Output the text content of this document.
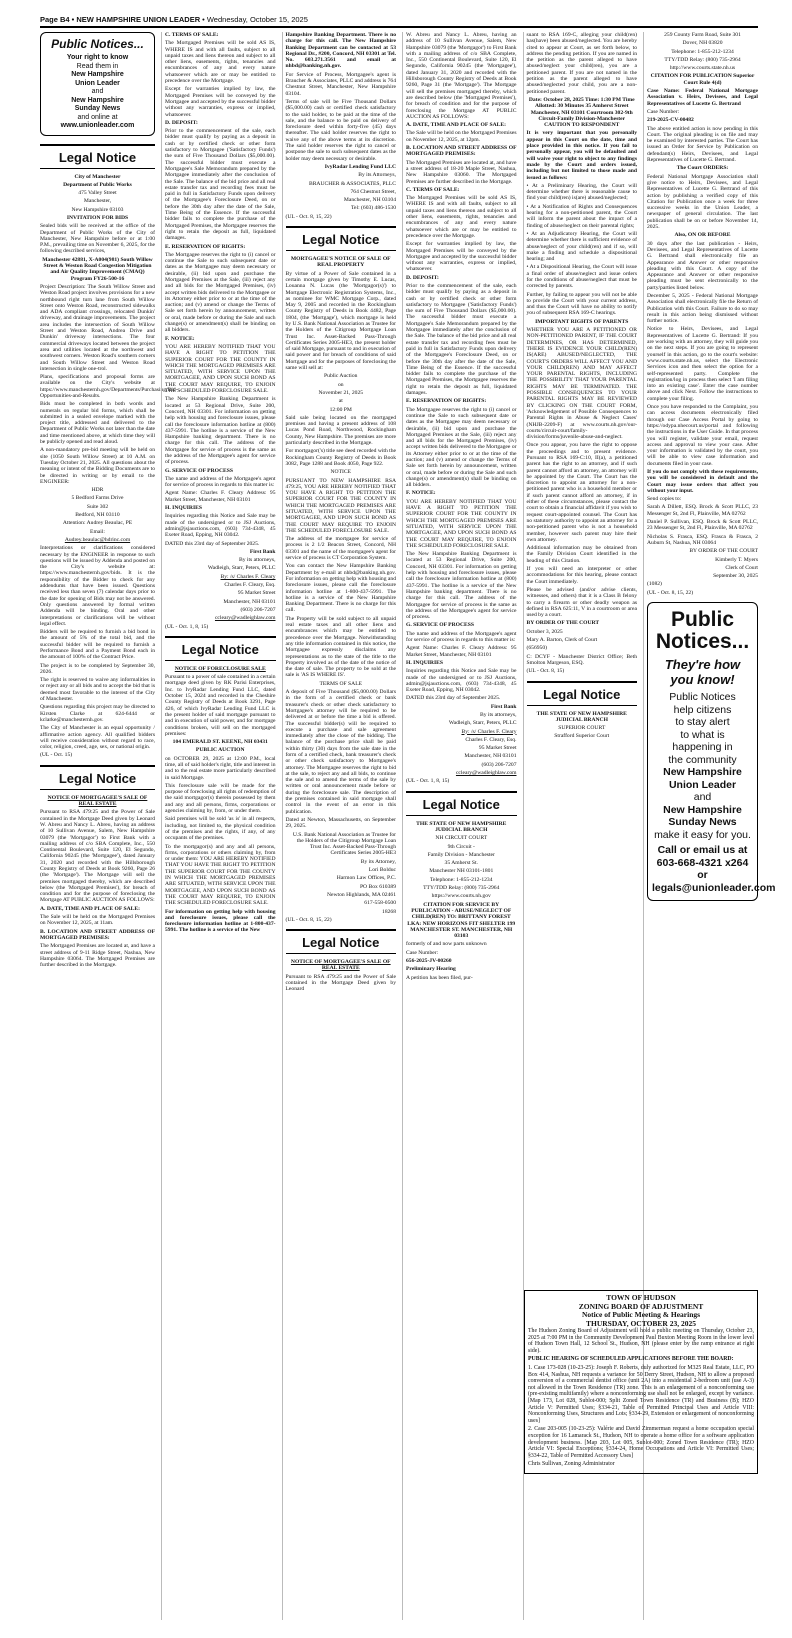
Page B4 • NEW HAMPSHIRE UNION LEADER • Wednesday, October 15, 2025
Public Notices...
Your right to know
Read them in
New Hampshire
Union Leader
and
New Hampshire
Sunday News
and online at
www.unionleader.com
Legal Notice
City of Manchester
Department of Public Works
475 Valley Street
Manchester,
New Hampshire 03103
INVITATION FOR BIDS
Sealed bids will be received at the office of the Department of Public Works of the City of Manchester, New Hampshire before or at 1:00 P.M., prevailing time on November 6, 2025, for the following described services,
Manchester 42881, X-A004(981) South Willow Street & Weston Road Congestion Mitigation and Air Quality Improvement (CMAQ) Program FY26-500-16
Project Description: The South Willow Street and Weston Road project involves provisions for a new northbound right turn lane from South Willow Street onto Weston Road, reconstructed sidewalks and ADA compliant crossings, relocated Dunkin' driveway, and drainage improvements. The project area includes the intersection of South Willow Street and Weston Road, Andrea Drive and Dunkin' driveway intersections. The four commercial driveways located between the project area and utilities located at the northwest and southwest corners. Weston Road's southern corners and South Willow Street and Weston Road intersection in single one-trol.
Plans, specifications and proposal forms are available on the City's website at https://www.manchesternh.gov/Departments/Purchasing/Bid-Opportunities-and-Results.
Bids must be completed in both words and numerals on regular bid forms, which shall be submitted in a sealed envelope marked with the project title, addressed and delivered to the Department of Public Works not later than the date and time mentioned above, at which time they will be publicly opened and read aloud.
A non-mandatory pre-bid meeting will be held on site (1050 South Willow Street) at 10 A.M. on Tuesday October 21, 2025. All questions about the meaning or intent of the Bidding Documents are to be directed in writing or by email to the ENGINEER:
HDR
5 Bedford Farms Drive
Suite 302
Bedford, NH 03110
Attention: Audrey Beaulac, PE
Email:
Audrey.beaulac@hdrinc.com
Interpretations or clarifications considered necessary by the ENGINEER in response to such questions will be issued by Addenda and posted on the City's website at: https://www.manchesternh.gov/bids. It is the responsibility of the Bidder to check for any addendums that have been issued. Questions received less than seven (7) calendar days prior to the date for opening of Bids may not be answered. Only questions answered by formal written Addenda will be binding. Oral and other interpretations or clarifications will be without legal effect.
Bidders will be required to furnish a bid bond in the amount of 5% of the total bid, and the successful bidder will be required to furnish a Performance Bond and a Payment Bond each in the amount of 100% of the Contract Price.
The project is to be completed by September 30, 2026.
The right is reserved to waive any informalities in or reject any or all bids and to accept the bid that is deemed most favorable to the interest of the City of Manchester.
Questions regarding this project may be directed to Kirsten Clarke at 624-6444 or kclarke@manchesternh.gov.
The City of Manchester is an equal opportunity / affirmative action agency. All qualified bidders will receive consideration without regard to race, color, religion, creed, age, sex, or national origin.
(UL - Oct. 15)
Legal Notice
NOTICE OF MORTGAGEE'S SALE OF REAL ESTATE
Pursuant to RSA 479:25 and the Power of Sale contained in the Mortgage Deed given by Leonard W. Abreu and Nancy L. Abreu, having an address of 10 Sullivan Avenue, Salem, New Hampshire 03079 (the 'Mortgagor') to First Bank with a mailing address of c/o SBA Complete, Inc., 550 Continental Boulevard, Suite 120, El Segundo, California 90245 (the 'Mortgagee'), dated January 31, 2020 and recorded with the Hillsborough County Registry of Deeds at Book 9260, Page 26 (the 'Mortgage'). The Mortgage will sell the premises mortgaged thereby, which are described below (the 'Mortgaged Premises'), for breach of condition and for the purpose of foreclosing the Mortgage AT PUBLIC AUCTION AS FOLLOWS:
A. DATE, TIME AND PLACE OF SALE:
The Sale will be held on the Mortgaged Premises on November 12, 2025, at 11am.
B. LOCATION AND STREET ADDRESS OF MORTGAGED PREMISES:
The Mortgaged Premises are located at, and have a street address of 9-11 Ridge Street, Nashua, New Hampshire 03064. The Mortgaged Premises are further described in the Mortgage.
C. TERMS OF SALE:
The Mortgaged Premises will be sold AS IS, WHERE IS and with all faults, subject to all unpaid taxes and liens thereon and subject to all other liens, easements, rights, tenancies and encumbrances of any and every nature whatsoever which are or may be entitled to precedence over the Mortgage.
Except for warranties implied by law, the Mortgaged Premises will be conveyed by the Mortgagee and accepted by the successful bidder without any warranties, express or implied, whatsoever.
D. DEPOSIT:
Prior to the commencement of the sale, each bidder must qualify by paying as a deposit in cash or by certified check or other form satisfactory to Mortgagee ('Satisfactory Funds') the sum of Five Thousand Dollars ($5,000.00). The successful bidder must execute a Mortgagee's Sale Memorandum prepared by the Mortgagee immediately after the conclusion of the Sale. The balance of the bid price and all real estate transfer tax and recording fees must be paid in full in Satisfactory Funds upon delivery of the Mortgagee's Foreclosure Deed, on or before the 30th day after the date of the Sale, Time Being of the Essence. If the successful bidder fails to complete the purchase of the Mortgaged Premises, the Mortgagee reserves the right to retain the deposit as full, liquidated damages.
E. RESERVATION OF RIGHTS:
The Mortgagee reserves the right to (i) cancel or continue the Sale to such subsequent date or dates as the Mortgagee may deem necessary or desirable, (ii) bid upon and purchase the Mortgaged Premises at the Sale, (iii) reject any and all bids for the Mortgaged Premises, (iv) accept written bids delivered to the Mortgagee or its Attorney either prior to or at the time of the auction; and (v) amend or change the Terms of Sale set forth herein by announcement, written or oral, made before or during the Sale and such change(s) or amendment(s) shall be binding on all bidders.
F. NOTICE:
YOU ARE HEREBY NOTIFIED THAT YOU HAVE A RIGHT TO PETITION THE SUPERIOR COURT FOR THE COUNTY IN WHICH THE MORTGAGED PREMISES ARE SITUATED, WITH SERVICE UPON THE MORTGAGEE, AND UPON SUCH BOND AS THE COURT MAY REQUIRE, TO ENJOIN THE SCHEDULED FORECLOSURE SALE.
The New Hampshire Banking Department is located at 53 Regional Drive, Suite 200, Concord, NH 03301. For information on getting help with housing and foreclosure issues, please call the foreclosure information hotline at (800) 437-5991. The hotline is a service of the New Hampshire banking department. There is no charge for this call. The address of the Mortgagee for service of process is the same as the address of the Mortgagee's agent for service of process.
G. SERVICE OF PROCESS
The name and address of the Mortgagee's agent for service of process in regards to this matter is:
Agent Name: Charles F. Cleary Address: 95 Market Street, Manchester, NH 03101
H. INQUIRIES
Inquiries regarding this Notice and Sale may be made of the undersigned or to JSJ Auctions, admin@jsjauctions.com, (603) 734-4348, 45 Exeter Road, Epping, NH 03042.
DATED this 23rd day of September 2025.
First Bank
By its attorneys,
Wadleigh, Starr, Peters, PLLC
By: /s/ Charles F. Cleary
Charles F. Cleary, Esq.
95 Market Street
Manchester, NH 03101
(603) 206-7207
ccleary@wadleighlaw.com
(UL - Oct. 1, 8, 15)
Legal Notice
NOTICE OF FORECLOSURE SALE
Pursuant to a power of sale contained in a certain mortgage deed given by RK Parisi Enterprises, Inc. to IvyRadar Lending Fund LLC, dated October 15, 2024 and recorded in the Cheshire County Registry of Deeds at Book 3291, Page 426, of which IvyRadar Lending Fund LLC is the present holder of said mortgage pursuant to and in execution of said power, and for mortgage conditions broken, will sell on the mortgaged premises:
104 EMERALD ST. KEENE, NH 03431
PUBLIC AUCTION
on OCTOBER 29, 2025 at 12:00 P.M., local time, all of said holder's right, title and interest in and to the real estate more particularly described in said Mortgage.
This foreclosure sale will be made for the purpose of foreclosing all rights of redemption of the said mortgagor(s) therein possessed by them and any and all persons, firms, corporations or agencies claiming by, from, or under them.
Said premises will be sold 'as is' in all respects, including, not limited to, the physical condition of the premises and the rights, if any, of any occupants of the premises.
To the mortgagor(s) and any and all persons, firms, corporations or others claiming by, from or under them: YOU ARE HEREBY NOTIFIED THAT YOU HAVE THE RIGHT TO PETITION THE SUPERIOR COURT FOR THE COUNTY IN WHICH THE MORTGAGED PREMISES ARE SITUATED, WITH SERVICE UPON THE MORTGAGEE, AND UPON SUCH BOND AS THE COURT MAY REQUIRE, TO ENJOIN THE SCHEDULED FORECLOSURE SALE.
For information on getting help with housing and foreclosure issues, please call the foreclosure information hotline at 1-800-437-5991. The hotline is a service of the New
Hampshire Banking Department. There is no charge for this call. The New Hampshire Banking Department can be contacted at 53 Regional Dr., #200, Concord, NH 03301 at Tel. No. 603.271.3561 and email at nhbd@banking.nh.gov.
For Service of Process, Mortgagee's agent is Braucher & Associates, PLLC and address is 764 Chestnut Street, Manchester, New Hampshire 03104.
Terms of sale will be Five Thousand Dollars ($5,000.00) cash or certified check satisfactory to the said holder, to be paid at the time of the sale, and the balance to be paid on delivery of foreclosure deed within forty-five (45) days thereafter. The said holder reserves the right to waive any of the above terms at its discretion. The said holder reserves the right to cancel or postpone the sale to such subsequent dates as the holder may deem necessary or desirable.
IvyRadar Lending Fund LLC
By its Attorneys,
BRAUCHER & ASSOCIATES, PLLC
764 Chestnut Street,
Manchester, NH 03104
Tel: (603) 486-1530
(UL - Oct. 8, 15, 22)
Legal Notice
MORTGAGEE'S NOTICE OF SALE OF REAL PROPERTY
By virtue of a Power of Sale contained in a certain mortgage given by Timothy E. Lucas, Louanna N. Lucas (the 'Mortgagor(s)') to Mortgage Electronic Registration Systems, Inc., as nominee for WMC Mortgage Corp., dated May 9, 2005 and recorded in the Rockingham County Registry of Deeds in Book 4482, Page 1804, (the 'Mortgage'), which mortgage is held by U.S. Bank National Association as Trustee for the Holders of the Citigroup Mortgage Loan Trust Inc. Asset-Backed Pass-Through Certificates Series 2005-HE3, the present holder of said Mortgage, pursuant to and in execution of said power and for breach of conditions of said Mortgage and for the purposes of foreclosing the same will sell at:
Public Auction
on
November 21, 2025
at
12:00 PM
Said sale being located on the mortgaged premises and having a present address of 108 Lucas Pond Road, Northwood, Rockingham County, New Hampshire. The premises are more particularly described in the Mortgage.
For mortgagor('s) title see deed recorded with the Rockingham County Registry of Deeds in Book 3082, Page 1288 and Book 4050, Page 922.
NOTICE
PURSUANT TO NEW HAMPSHIRE RSA 479:25, YOU ARE HEREBY NOTIFIED THAT YOU HAVE A RIGHT TO PETITION THE SUPERIOR COURT FOR THE COUNTY IN WHICH THE MORTGAGED PREMISES ARE SITUATED, WITH SERVICE UPON THE MORTGAGEE, AND UPON SUCH BOND AS THE COURT MAY REQUIRE TO ENJOIN THE SCHEDULED FORECLOSURE SALE.
The address of the mortgagee for service of process is 2 1/2 Beacon Street, Concord, NH 03301 and the name of the mortgagee's agent for service of process is CT Corporation System.
You can contact the New Hampshire Banking Department by e-mail at nhbd@banking.nh.gov. For information on getting help with housing and foreclosure issues, please call the foreclosure information hotline at 1-800-437-5991. The hotline is a service of the New Hampshire Banking Department. There is no charge for this call.
The Property will be sold subject to all unpaid real estate taxes and all other liens and encumbrances which may be entitled to precedence over the Mortgage. Notwithstanding any title information contained in this notice, the Mortgagee expressly disclaims any representations as to the state of the title to the Property involved as of the date of the notice of the date of sale. The property to be sold at the sale is 'AS IS WHERE IS'.
TERMS OF SALE
A deposit of Five Thousand ($5,000.00) Dollars in the form of a certified check or bank treasurer's check or other check satisfactory to Mortgagee's attorney will be required to be delivered at or before the time a bid is offered. The successful bidder(s) will be required to execute a purchase and sale agreement immediately after the close of the bidding. The balance of the purchase price shall be paid within thirty (30) days from the sale date in the form of a certified check, bank treasurer's check or other check satisfactory to Mortgagee's attorney. The Mortgagee reserves the right to bid at the sale, to reject any and all bids, to continue the sale and to amend the terms of the sale by written or oral announcement made before or during the foreclosure sale. The description of the premises contained in said mortgage shall control in the event of an error in this publication.
Dated at Newton, Massachusetts, on September 29, 2025.
U.S. Bank National Association as Trustee for the Holders of the Citigroup Mortgage Loan Trust Inc. Asset-Backed Pass-Through Certificates Series 2005-HE3
By its Attorney,
Lori Bolduc
Harmon Law Offices, P.C.
PO Box 610389
Newton Highlands, MA 02461
617-558-0500
18268
(UL - Oct. 8, 15, 22)
Legal Notice
NOTICE OF MORTGAGEE'S SALE OF REAL ESTATE
Pursuant to RSA 479:25 and the Power of Sale contained in the Mortgage Deed given by Leonard
W. Abreu and Nancy L. Abreu, having an address of 10 Sullivan Avenue, Salem, New Hampshire 03079 (the 'Mortgagor') to First Bank with a mailing address of c/o SBA Complete, Inc., 550 Continental Boulevard, Suite 120, El Segundo, California 90245 (the 'Mortgagee'), dated January 31, 2020 and recorded with the Hillsborough County Registry of Deeds at Book 9260, Page 31 (the 'Mortgage'). The Mortgage will sell the premises mortgaged thereby, which are described below (the 'Mortgaged Premises'), for breach of condition and for the purpose of foreclosing the Mortgage AT PUBLIC AUCTION AS FOLLOWS:
A. DATE, TIME AND PLACE OF SALE:
The Sale will be held on the Mortgaged Premises on November 12, 2025, at 12pm.
B. LOCATION AND STREET ADDRESS OF MORTGAGED PREMISES:
The Mortgaged Premises are located at, and have a street address of 18-20 Maple Street, Nashua, New Hampshire 03060. The Mortgaged Premises are further described in the Mortgage.
C. TERMS OF SALE:
The Mortgaged Premises will be sold AS IS, WHERE IS and with all faults, subject to all unpaid taxes and liens thereon and subject to all other liens, easements, rights, tenancies and encumbrances of any and every nature whatsoever which are or may be entitled to precedence over the Mortgage.
Except for warranties implied by law, the Mortgaged Premises will be conveyed by the Mortgagee and accepted by the successful bidder without any warranties, express or implied, whatsoever.
D. DEPOSIT:
Prior to the commencement of the sale, each bidder must qualify by paying as a deposit in cash or by certified check or other form satisfactory to Mortgagee ('Satisfactory Funds') the sum of Five Thousand Dollars ($5,000.00). The successful bidder must execute a Mortgagee's Sale Memorandum prepared by the Mortgagee immediately after the conclusion of the Sale. The balance of the bid price and all real estate transfer tax and recording fees must be paid in full in Satisfactory Funds upon delivery of the Mortgagee's Foreclosure Deed, on or before the 30th day after the date of the Sale, Time Being of the Essence. If the successful bidder fails to complete the purchase of the Mortgaged Premises, the Mortgagee reserves the right to retain the deposit as full, liquidated damages.
E. RESERVATION OF RIGHTS:
The Mortgagee reserves the right to (i) cancel or continue the Sale to such subsequent date or dates as the Mortgagee may deem necessary or desirable, (ii) bid upon and purchase the Mortgaged Premises at the Sale, (iii) reject any and all bids for the Mortgaged Premises, (iv) accept written bids delivered to the Mortgagee or its Attorney either prior to or at the time of the auction; and (v) amend or change the Terms of Sale set forth herein by announcement, written or oral, made before or during the Sale and such change(s) or amendment(s) shall be binding on all bidders.
F. NOTICE:
YOU ARE HEREBY NOTIFIED THAT YOU HAVE A RIGHT TO PETITION THE SUPERIOR COURT FOR THE COUNTY IN WHICH THE MORTGAGED PREMISES ARE SITUATED, WITH SERVICE UPON THE MORTGAGEE, AND UPON SUCH BOND AS THE COURT MAY REQUIRE, TO ENJOIN THE SCHEDULED FORECLOSURE SALE.
The New Hampshire Banking Department is located at 53 Regional Drive, Suite 200, Concord, NH 03301. For information on getting help with housing and foreclosure issues, please call the foreclosure information hotline at (800) 437-5991. The hotline is a service of the New Hampshire banking department. There is no charge for this call. The address of the Mortgagee for service of process is the same as the address of the Mortgagee's agent for service of process.
G. SERVICE OF PROCESS
The name and address of the Mortgagee's agent for service of process in regards to this matter is:
Agent Name: Charles F. Cleary Address: 95 Market Street, Manchester, NH 03101
H. INQUIRIES
Inquiries regarding this Notice and Sale may be made of the undersigned or to JSJ Auctions, admin@jsjauctions.com, (603) 734-4348, 45 Exeter Road, Epping, NH 03042.
DATED this 23rd day of September 2025.
First Bank
By its attorneys,
Wadleigh, Starr, Peters, PLLC
By: /s/ Charles F. Cleary
Charles F. Cleary, Esq.
95 Market Street
Manchester, NH 03101
(603) 206-7207
ccleary@wadleighlaw.com
(UL - Oct. 1, 8, 15)
Legal Notice
THE STATE OF NEW HAMPSHIRE JUDICIAL BRANCH
NH CIRCUIT COURT
9th Circuit -
Family Division - Manchester
35 Amherst St.
Manchester NH 03101-1801
Telephone: 1-855-212-1234
TTY/TDD Relay: (800) 735-2964
https://www.courts.nh.gov
CITATION FOR SERVICE BY PUBLICATION - ABUSE/NEGLECT OF CHILD(REN) TO: BRITTANY FOREST LKA: NEW HORIZONS FIT SHELTER 199 MANCHESTER ST. MANCHESTER, NH 03103
formerly of and now parts unknown
Case Number:
656-2025-JV-00260
Preliminary Hearing
A petition has been filed, pur-
suant to RSA 169-C, alleging your child(ren) has(have) been abused/neglected. You are hereby cited to appear at Court, as set forth below, to address the pending petition. If you are named in the petition as the parent alleged to have abused/neglect your child(ren), you are a petitioned parent. If you are not named in the petition as the parent alleged to have abused/neglected your child, you are a non-petitioned parent.
Date: October 28, 2025 Time: 1:30 PM Time Allotted: 30 Minutes 35 Amherst Street Manchester, NH 03101 Courtroom 302-9th Circuit-Family Division-Manchester CAUTION TO RESPONDENT
It is very important that you personally appear in this Court on the date, time and place provided in this notice. If you fail to personally appear, you will be defaulted and will waive your right to object to any findings made by the Court and orders issued, including but not limited to those made and issued as follows:
• At a Preliminary Hearing, the Court will determine whether there is reasonable cause to find your child(ren) is(are) abused/neglected;
• At a Notification of Rights and Consequences hearing for a non-petitioned parent, the Court will inform the parent about the impact of a finding of abuse/neglect on their parental rights;
• At an Adjudicatory Hearing, the Court will determine whether there is sufficient evidence of abuse/neglect of your child(ren) and if so, will make a finding and schedule a dispositional hearing; and
• At a Dispositional Hearing, the Court will issue a final order of abuse/neglect and issue orders for the conditions of abuse/neglect that must be corrected by parents.
Further, by failing to appear you will not be able to provide the Court with your current address, and thus the Court will have no ability to notify you of subsequent RSA 169-C hearings.
IMPORTANT RIGHTS OF PARENTS
WHETHER YOU ARE A PETITIONED OR NON-PETITIONED PARENT, IF THE COURT DETERMINES, OR HAS DETERMINED, THERE IS EVIDENCE YOUR CHILD(REN) IS(ARE) ABUSED/NEGLECTED, THE COURT'S ORDERS WILL AFFECT YOU AND YOUR CHILD(REN) AND MAY AFFECT YOUR PARENTAL RIGHTS, INCLUDING THE POSSIBILITY THAT YOUR PARENTAL RIGHTS MAY BE TERMINATED. THE POSSIBLE CONSEQUENCES TO YOUR PARENTAL RIGHTS MAY BE REVIEWED BY CLICKING ON THE COURT FORM, 'Acknowledgement of Possible Consequences to Parental Rights in Abuse & Neglect Cases' (NHJB-2209-F) at www.courts.nh.gov/our-courts/circuit-court/family-division/forms/juvenile-abuse-and-neglect.
Once you appear, you have the right to oppose the proceedings and to present evidence. Pursuant to RSA 169-C:10, II(a), a petitioned parent has the right to an attorney, and if such parent cannot afford an attorney, an attorney will be appointed by the Court. The Court has the discretion to appoint an attorney for a non-petitioned parent who is a household member or if such parent cannot afford an attorney, if in either of these circumstances, please contact the court to obtain a financial affidavit if you wish to request court-appointed counsel. The Court has no statutory authority to appoint an attorney for a non-petitioned parent who is not a household member, however such parent may hire their own attorney.
Additional information may be obtained from the Family Division Court identified in the heading of this Citation.
If you will need an interpreter or other accommodations for this hearing, please contact the Court immediately.
Please be advised (and/or advise clients, witnesses, and others) that it is a Class B felony to carry a firearm or other deadly weapon as defined in RSA 625:11, V in a courtroom or area used by a court.
BY ORDER OF THE COURT
October 3, 2025
Mary A. Barton, Clerk of Court
(656950)
C: DCYF - Manchester District Office; Beth Smolton Margeson, ESQ.
(UL - Oct. 8, 15)
Legal Notice
THE STATE OF NEW HAMPSHIRE JUDICIAL BRANCH
SUPERIOR COURT
Strafford Superior Court
259 County Farm Road, Suite 301
Dover, NH 03820
Telephone: 1-855-212-1234
TTY/TDD Relay: (800) 735-2964
http://www.courts.state.nh.us
CITATION FOR PUBLICATION Superior Court Rule 4(d)
Case Name: Federal National Mortgage Association v. Heirs, Devisees, and Legal Representatives of Lucette G. Bertrand
Case Number:
219-2025-CV-00482
The above entitled action is now pending in this Court. The original pleading is on file and may be examined by interested parties. The Court has issued an Order for Service by Publication on defendant(s) Heirs, Devisees, and Legal Representatives of Lucette G. Bertrand.
The Court ORDERS:
Federal National Mortgage Association shall give notice to Heirs, Devisees, and Legal Representatives of Lucette G. Bertrand of this action by publishing a verified copy of this Citation for Publication once a week for three successive weeks in the Union Leader, a newspaper of general circulation. The last publication shall be on or before November 14, 2025.
Also, ON OR BEFORE
30 days after the last publication - Heirs, Devisees, and Legal Representatives of Lucette G. Bertrand shall electronically file an Appearance and Answer or other responsive pleading with this Court. A copy of the Appearance and Answer or other responsive pleading must be sent electronically to the party/parties listed below.
December 5, 2025 - Federal National Mortgage Association shall electronically file the Return of Publication with this Court. Failure to do so may result in this action being dismissed without further notice.
Notice to Heirs, Devisees, and Legal Representatives of Lucette G. Bertrand: If you are working with an attorney, they will guide you on the next steps. If you are going to represent yourself in this action, go to the court's website: www.courts.state.nh.us, select the Electronic Services icon and then select the option for a self-represented party. Complete the registration/log in process then select 'I am filing into an existing case'. Enter the case number above and click Next. Follow the instructions to complete your filing.
Once you have responded to the Complaint, you can access documents electronically filed through our Case Access Portal by going to https://odypa.nhecourt.us/portal and following the instructions in the User Guide. In that process you will register, validate your email, request access and approval to view your case. After your information is validated by the court, you will be able to view case information and documents filed in your case.
If you do not comply with these requirements, you will be considered in default and the Court may issue orders that affect you without your input.
Send copies to:
Sarah A Dillett, ESQ. Brock & Scott PLLC, 23 Messenger St, 2nd Fl, Plainville, MA 02762
Daniel P. Sullivan, ESQ. Brock & Scott PLLC, 23 Messenger St, 2nd Fl, Plainville, MA 02762
Nicholas S. Frasca, ESQ. Frasca & Frasca, 2 Auburn St, Nashua, NH 03064
BY ORDER OF THE COURT
Kimberly T. Myers
Clerk of Court
September 30, 2025
(1082)
(UL - Oct. 8, 15, 22)
Public Notices...
They're how you know!
Public Notices
help citizens
to stay alert
to what is
happening in
the community
New Hampshire Union Leader
and
New Hampshire Sunday News
make it easy for you.
Call or email us at 603-668-4321 x264 or legals@unionleader.com
TOWN OF HUDSON
ZONING BOARD OF ADJUSTMENT
Notice of Public Meeting & Hearings
THURSDAY, OCTOBER 23, 2025
The Hudson Zoning Board of Adjustment will hold a public meeting on Thursday, October 23, 2025 at 7:00 PM in the Community Development Paul Buxton Meeting Room in the lower level of Hudson Town Hall, 12 School St., Hudson, NH (please enter by the ramp entrance at right side).
PUBLIC HEARING OF SCHEDULED APPLICATIONS BEFORE THE BOARD:
1. Case 173-028 (10-23-25): Joseph F. Roberts, duly authorized for M325 Real Estate, LLC, PO Box 414, Nashua, NH requests a variance for 50 Derry Street, Hudson, NH to allow a proposed conversion of a commercial dentist office (unit 2A) into a residential 2-bedroom unit (use A-3) not allowed in the Town Residence (TR) zone. This is an enlargement of a nonconforming use (pre-existing multifamily) where a nonconforming use shall not be enlarged, except by variance. [Map 173, Lot 028, Sublot-000; Split Zoned Town Residence (TR) and Business (B); HZO Article V: Permitted Uses; §334-21, Table of Permitted Principal Uses and Article VIII: Nonconforming Uses, Structures and Lots; §334-29, Extension or enlargement of nonconforming uses]
2. Case 203-005 (10-23-25): Valérie and David Zimmerman request a home occupation special exception for 16 Lamarack St., Hudson, NH to operate a home office for a software application development business. [Map 203, Lot 005, Sublot-000; Zoned Town Residence (TR); HZO Article VI: Special Exceptions; §334-24, Home Occupations and Article VI: Permitted Uses; §334-22, Table of Permitted Accessory Uses]
Chris Sullivan, Zoning Administrator
